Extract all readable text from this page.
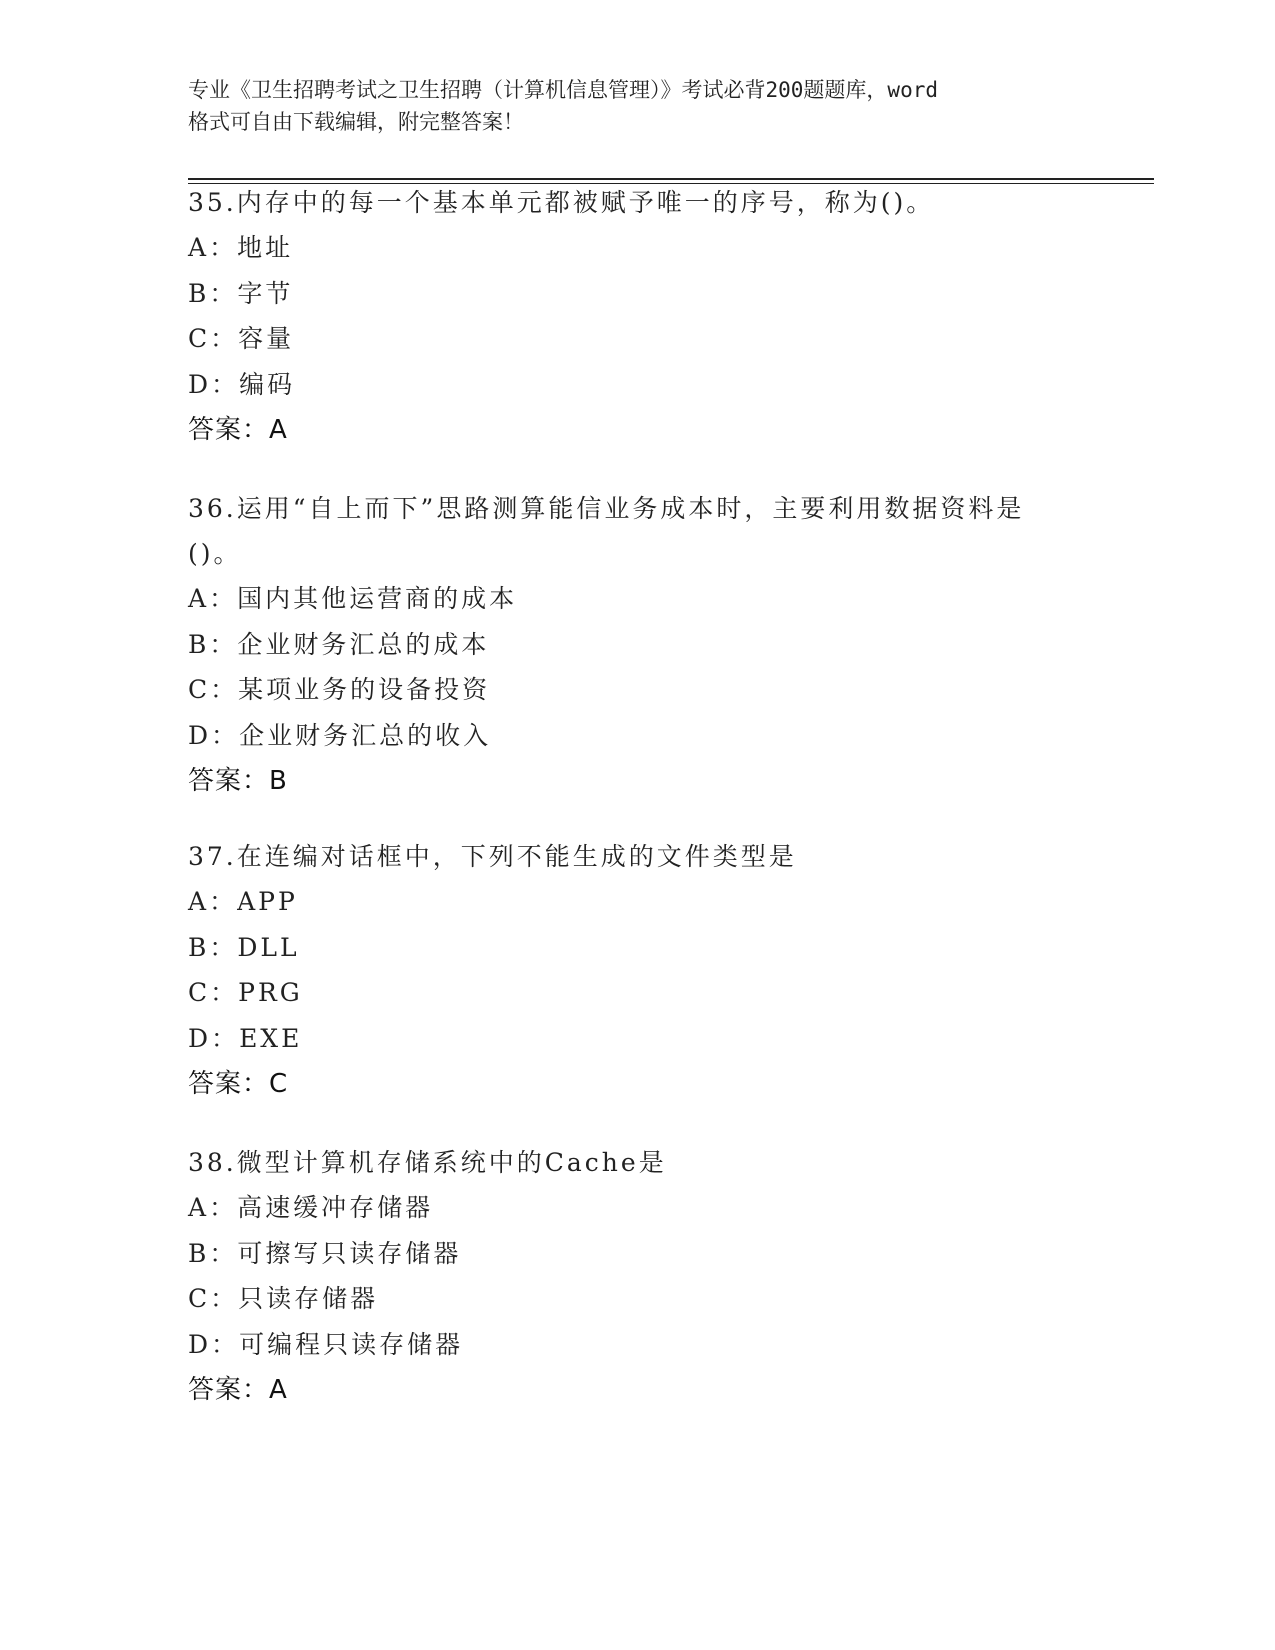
专业《卫生招聘考试之卫生招聘（计算机信息管理）》考试必背200题题库，word
格式可自由下载编辑，附完整答案！

35.内存中的每一个基本单元都被赋予唯一的序号，称为()。

A：地址

B：字节

C：容量

D：编码

答案：A

36.运用“自上而下”思路测算能信业务成本时，主要利用数据资料是

()。

A：国内其他运营商的成本

B：企业财务汇总的成本

C：某项业务的设备投资

D：企业财务汇总的收入

答案：B

37.在连编对话框中，下列不能生成的文件类型是

A：APP

B：DLL

C：PRG

D：EXE

答案：C

38.微型计算机存储系统中的Cache是

A：高速缓冲存储器

B：可擦写只读存储器

C：只读存储器

D：可编程只读存储器

答案：A
